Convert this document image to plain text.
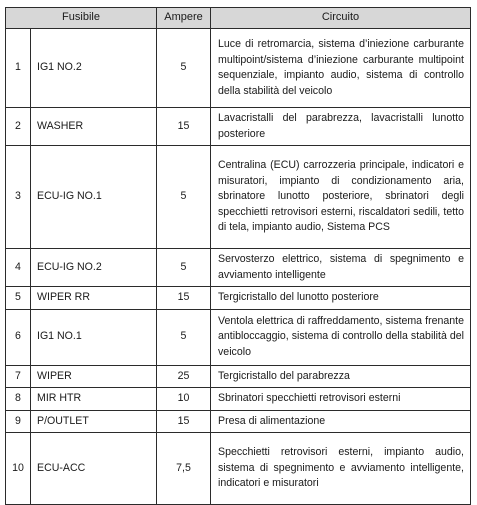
Fusibile		Ampere	Circuito
1	IG1 NO.2	5	Luce di retromarcia, sistema d’iniezione carburante multipoint/sistema d’iniezione carburante multipoint sequenziale, impianto audio, sistema di controllo della stabilità del veicolo
2	WASHER	15	Lavacristalli del parabrezza, lavacristalli lunotto posteriore
3	ECU-IG NO.1	5	Centralina (ECU) carrozzeria principale, indicatori e misuratori, impianto di condizionamento aria, sbrinatore lunotto posteriore, sbrinatori degli specchietti retrovisori esterni, riscaldatori sedili, tetto di tela, impianto audio, Sistema PCS
4	ECU-IG NO.2	5	Servosterzo elettrico, sistema di spegnimento e avviamento intelligente
5	WIPER RR	15	Tergicristallo del lunotto posteriore
6	IG1 NO.1	5	Ventola elettrica di raffreddamento, sistema frenante antibloccaggio, sistema di controllo della stabilità del veicolo
7	WIPER	25	Tergicristallo del parabrezza
8	MIR HTR	10	Sbrinatori specchietti retrovisori esterni
9	P/OUTLET	15	Presa di alimentazione
10	ECU-ACC	7,5	Specchietti retrovisori esterni, impianto audio, sistema di spegnimento e avviamento intelligente, indicatori e misuratori
